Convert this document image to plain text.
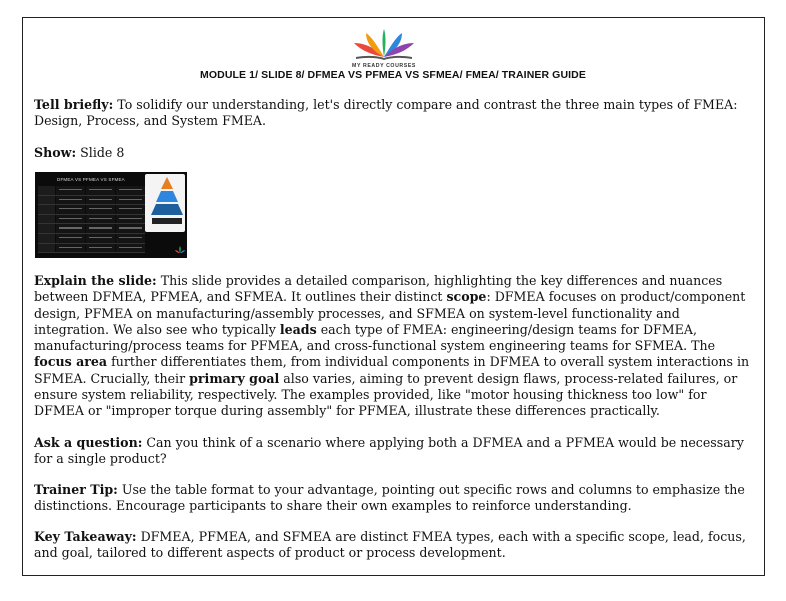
MY READY COURSES
MODULE 1/ SLIDE 8/ DFMEA VS PFMEA VS SFMEA/ FMEA/ TRAINER GUIDE
Tell briefly: To solidify our understanding, let's directly compare and contrast the three main types of FMEA: Design, Process, and System FMEA.
Show: Slide 8
DFMEA VS PFMEA VS SFMEA
Explain the slide: This slide provides a detailed comparison, highlighting the key differences and nuances between DFMEA, PFMEA, and SFMEA. It outlines their distinct scope: DFMEA focuses on product/component design, PFMEA on manufacturing/assembly processes, and SFMEA on system-level functionality and integration. We also see who typically leads each type of FMEA: engineering/design teams for DFMEA, manufacturing/process teams for PFMEA, and cross-functional system engineering teams for SFMEA. The focus area further differentiates them, from individual components in DFMEA to overall system interactions in SFMEA. Crucially, their primary goal also varies, aiming to prevent design flaws, process-related failures, or ensure system reliability, respectively. The examples provided, like "motor housing thickness too low" for DFMEA or "improper torque during assembly" for PFMEA, illustrate these differences practically.
Ask a question: Can you think of a scenario where applying both a DFMEA and a PFMEA would be necessary for a single product?
Trainer Tip: Use the table format to your advantage, pointing out specific rows and columns to emphasize the distinctions. Encourage participants to share their own examples to reinforce understanding.
Key Takeaway: DFMEA, PFMEA, and SFMEA are distinct FMEA types, each with a specific scope, lead, focus, and goal, tailored to different aspects of product or process development.
